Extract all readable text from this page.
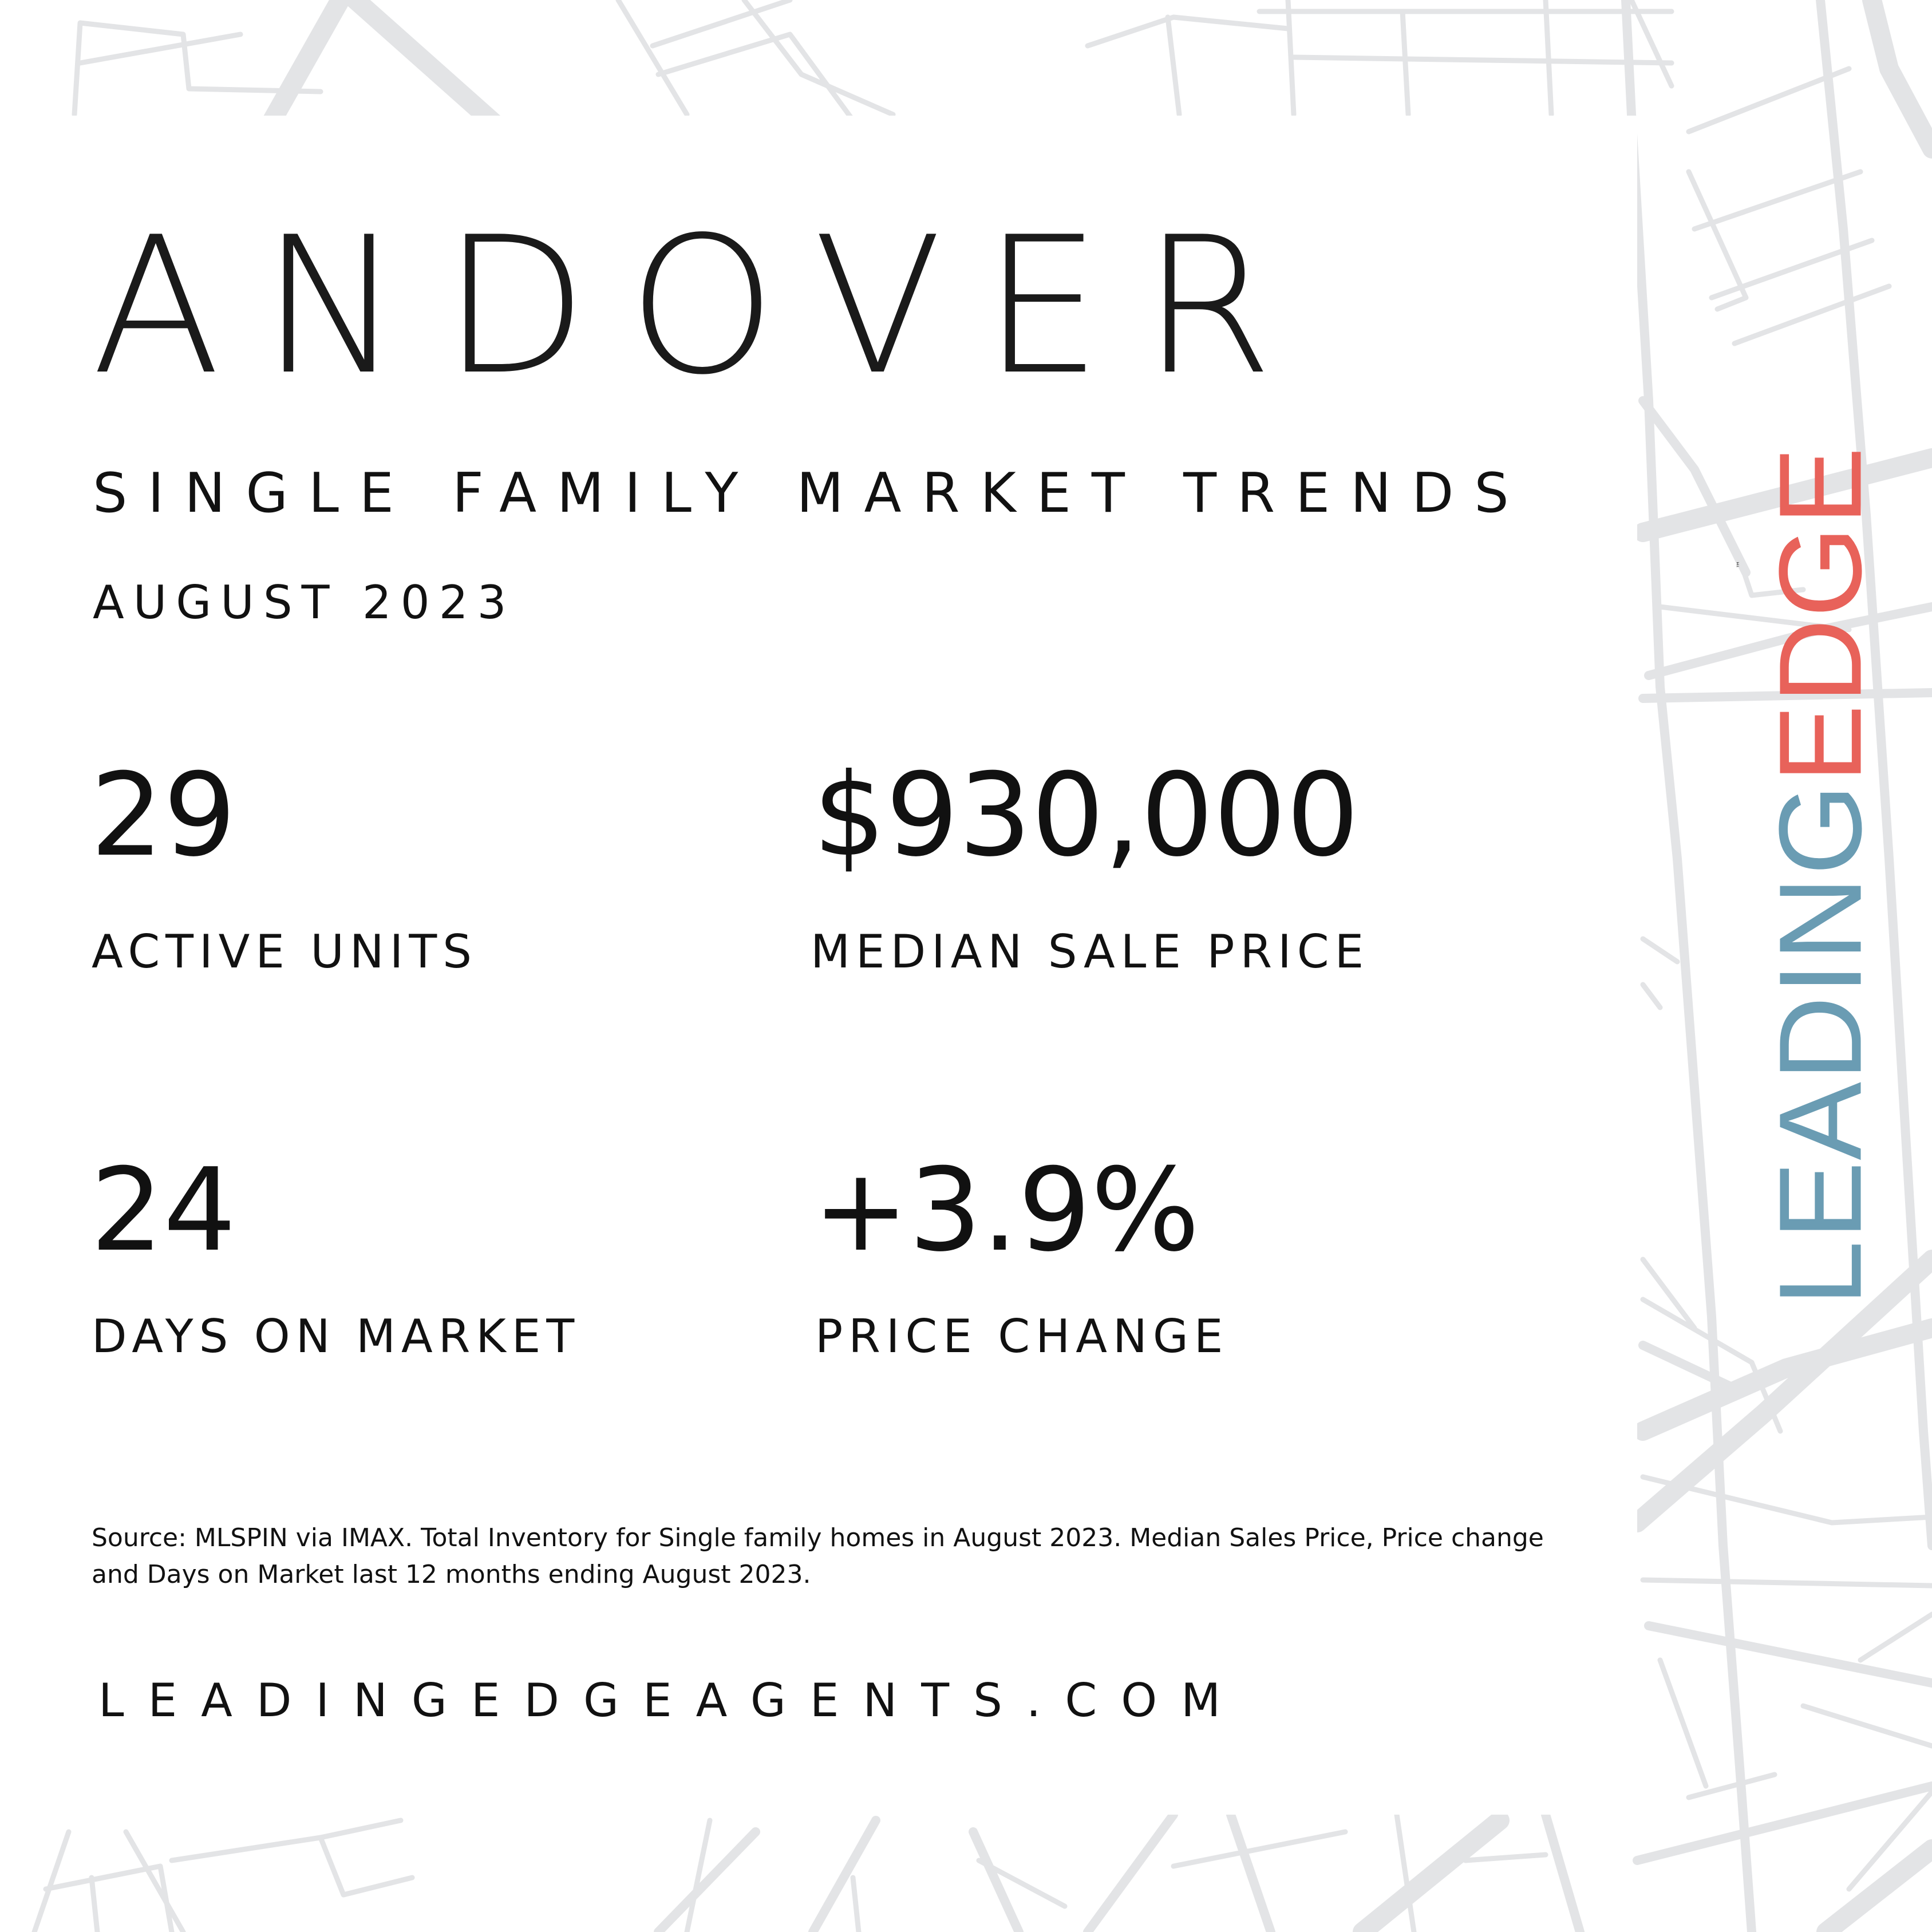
ANDOVER
SINGLE FAMILY MARKET TRENDS
AUGUST 2023
29
ACTIVE UNITS
$930,000
MEDIAN SALE PRICE
24
DAYS ON MARKET
+3.9%
PRICE CHANGE

Source: MLSPIN via IMAX. Total Inventory for Single family homes in August 2023. Median Sales Price, Price change and Days on Market last 12 months ending August 2023.

LEADINGEDGEAGENTS.COM
LEADINGEDGE
™
